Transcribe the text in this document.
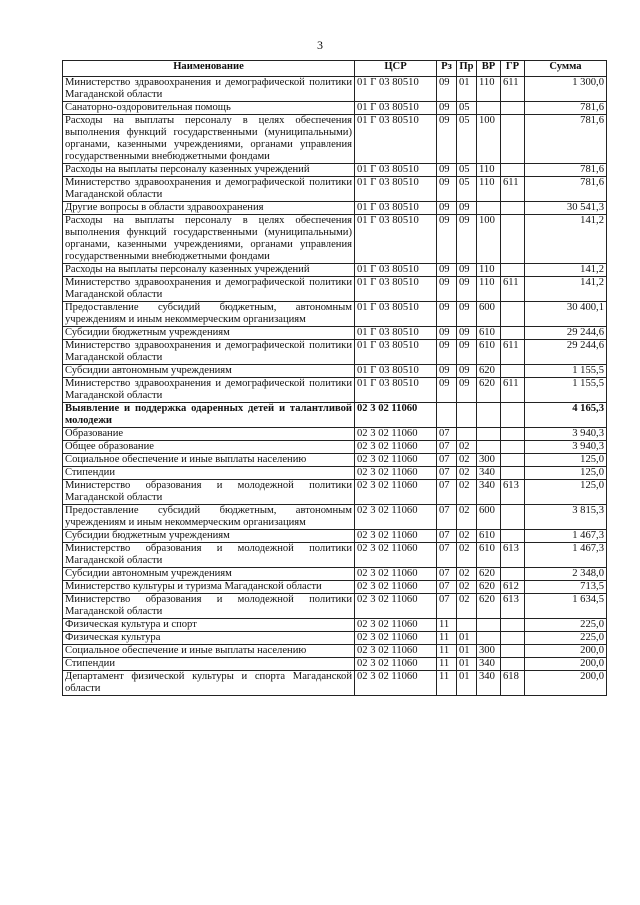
3
Наименование	ЦСР	Рз	Пр	ВР	ГР	Сумма
Министерство здравоохранения и демографической политики Магаданской области	01 Г 03 80510	09	01	110	611	1 300,0
Санаторно-оздоровительная помощь	01 Г 03 80510	09	05			781,6
Расходы на выплаты персоналу в целях обеспечения выполнения функций государственными (муниципальными) органами, казенными учреждениями, органами управления государственными внебюджетными фондами	01 Г 03 80510	09	05	100		781,6
Расходы на выплаты персоналу казенных учреждений	01 Г 03 80510	09	05	110		781,6
Министерство здравоохранения и демографической политики Магаданской области	01 Г 03 80510	09	05	110	611	781,6
Другие вопросы в области здравоохранения	01 Г 03 80510	09	09			30 541,3
Расходы на выплаты персоналу в целях обеспечения выполнения функций государственными (муниципальными) органами, казенными учреждениями, органами управления государственными внебюджетными фондами	01 Г 03 80510	09	09	100		141,2
Расходы на выплаты персоналу казенных учреждений	01 Г 03 80510	09	09	110		141,2
Министерство здравоохранения и демографической политики Магаданской области	01 Г 03 80510	09	09	110	611	141,2
Предоставление субсидий бюджетным, автономным учреждениям и иным некоммерческим организациям	01 Г 03 80510	09	09	600		30 400,1
Субсидии бюджетным учреждениям	01 Г 03 80510	09	09	610		29 244,6
Министерство здравоохранения и демографической политики Магаданской области	01 Г 03 80510	09	09	610	611	29 244,6
Субсидии автономным учреждениям	01 Г 03 80510	09	09	620		1 155,5
Министерство здравоохранения и демографической политики Магаданской области	01 Г 03 80510	09	09	620	611	1 155,5
Выявление и поддержка одаренных детей и талантливой молодежи	02 3 02 11060					4 165,3
Образование	02 3 02 11060	07				3 940,3
Общее образование	02 3 02 11060	07	02			3 940,3
Социальное обеспечение и иные выплаты населению	02 3 02 11060	07	02	300		125,0
Стипендии	02 3 02 11060	07	02	340		125,0
Министерство образования и молодежной политики Магаданской области	02 3 02 11060	07	02	340	613	125,0
Предоставление субсидий бюджетным, автономным учреждениям и иным некоммерческим организациям	02 3 02 11060	07	02	600		3 815,3
Субсидии бюджетным учреждениям	02 3 02 11060	07	02	610		1 467,3
Министерство образования и молодежной политики Магаданской области	02 3 02 11060	07	02	610	613	1 467,3
Субсидии автономным учреждениям	02 3 02 11060	07	02	620		2 348,0
Министерство культуры и туризма Магаданской области	02 3 02 11060	07	02	620	612	713,5
Министерство образования и молодежной политики Магаданской области	02 3 02 11060	07	02	620	613	1 634,5
Физическая культура и спорт	02 3 02 11060	11				225,0
Физическая культура	02 3 02 11060	11	01			225,0
Социальное обеспечение и иные выплаты населению	02 3 02 11060	11	01	300		200,0
Стипендии	02 3 02 11060	11	01	340		200,0
Департамент физической культуры и спорта Магаданской области	02 3 02 11060	11	01	340	618	200,0
